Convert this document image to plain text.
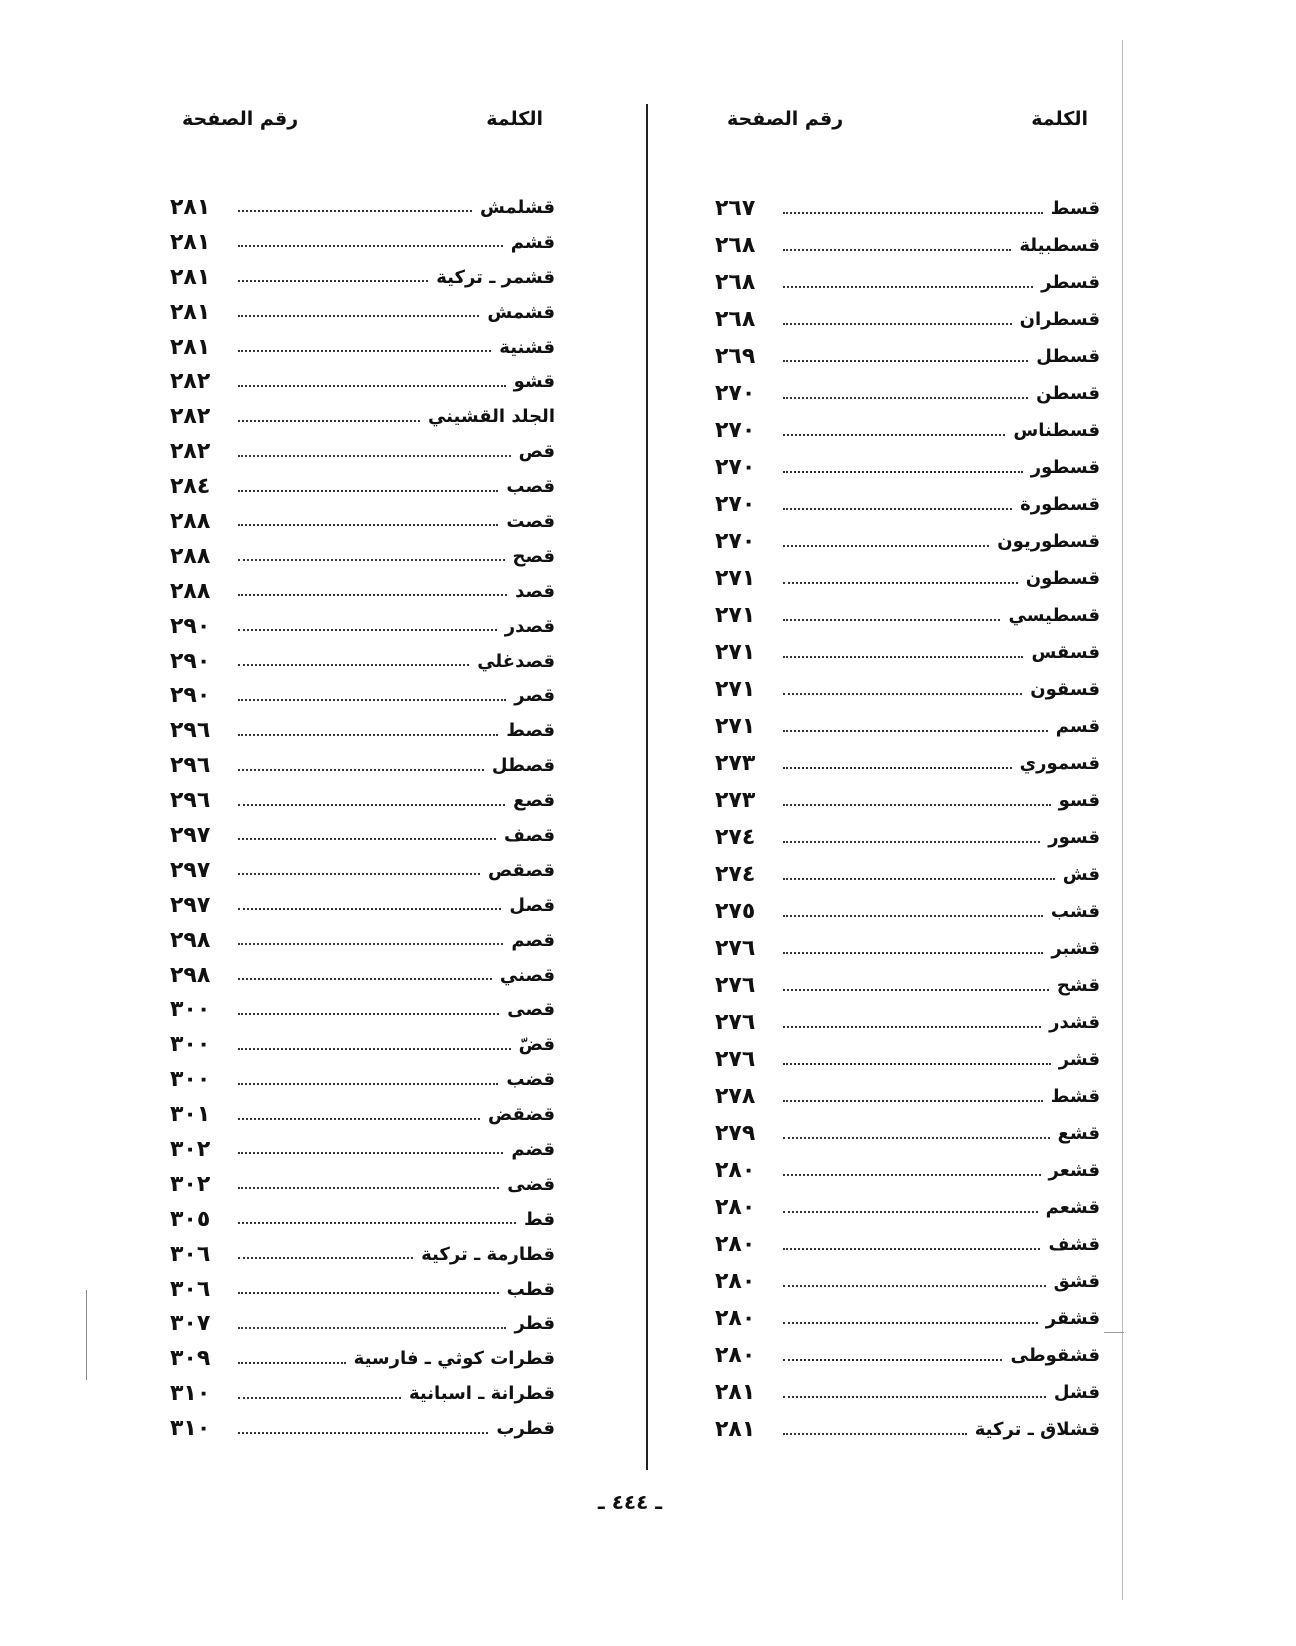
الكلمة
رقم الصفحة
قسط
٢٦٧
قسطبيلة
٢٦٨
قسطر
٢٦٨
قسطران
٢٦٨
قسطل
٢٦٩
قسطن
٢٧٠
قسطناس
٢٧٠
قسطور
٢٧٠
قسطورة
٢٧٠
قسطوريون
٢٧٠
قسطون
٢٧١
قسطيسي
٢٧١
قسقس
٢٧١
قسقون
٢٧١
قسم
٢٧١
قسموري
٢٧٣
قسو
٢٧٣
قسور
٢٧٤
قش
٢٧٤
قشب
٢٧٥
قشبر
٢٧٦
قشح
٢٧٦
قشدر
٢٧٦
قشر
٢٧٦
قشط
٢٧٨
قشع
٢٧٩
قشعر
٢٨٠
قشعم
٢٨٠
قشف
٢٨٠
قشق
٢٨٠
قشقر
٢٨٠
قشقوطى
٢٨٠
قشل
٢٨١
قشلاق ـ تركية
٢٨١
الكلمة
رقم الصفحة
قشلمش
٢٨١
قشم
٢٨١
قشمر ـ تركية
٢٨١
قشمش
٢٨١
قشنية
٢٨١
قشو
٢٨٢
الجلد القشيني
٢٨٢
قص
٢٨٢
قصب
٢٨٤
قصت
٢٨٨
قصح
٢٨٨
قصد
٢٨٨
قصدر
٢٩٠
قصدغلي
٢٩٠
قصر
٢٩٠
قصط
٢٩٦
قصطل
٢٩٦
قصع
٢٩٦
قصف
٢٩٧
قصقص
٢٩٧
قصل
٢٩٧
قصم
٢٩٨
قصني
٢٩٨
قصى
٣٠٠
قضّ
٣٠٠
قضب
٣٠٠
قضقض
٣٠١
قضم
٣٠٢
قضى
٣٠٢
قط
٣٠٥
قطارمة ـ تركية
٣٠٦
قطب
٣٠٦
قطر
٣٠٧
قطرات كوثي ـ فارسية
٣٠٩
قطرانة ـ اسبانية
٣١٠
قطرب
٣١٠
ـ ٤٤٤ ـ
